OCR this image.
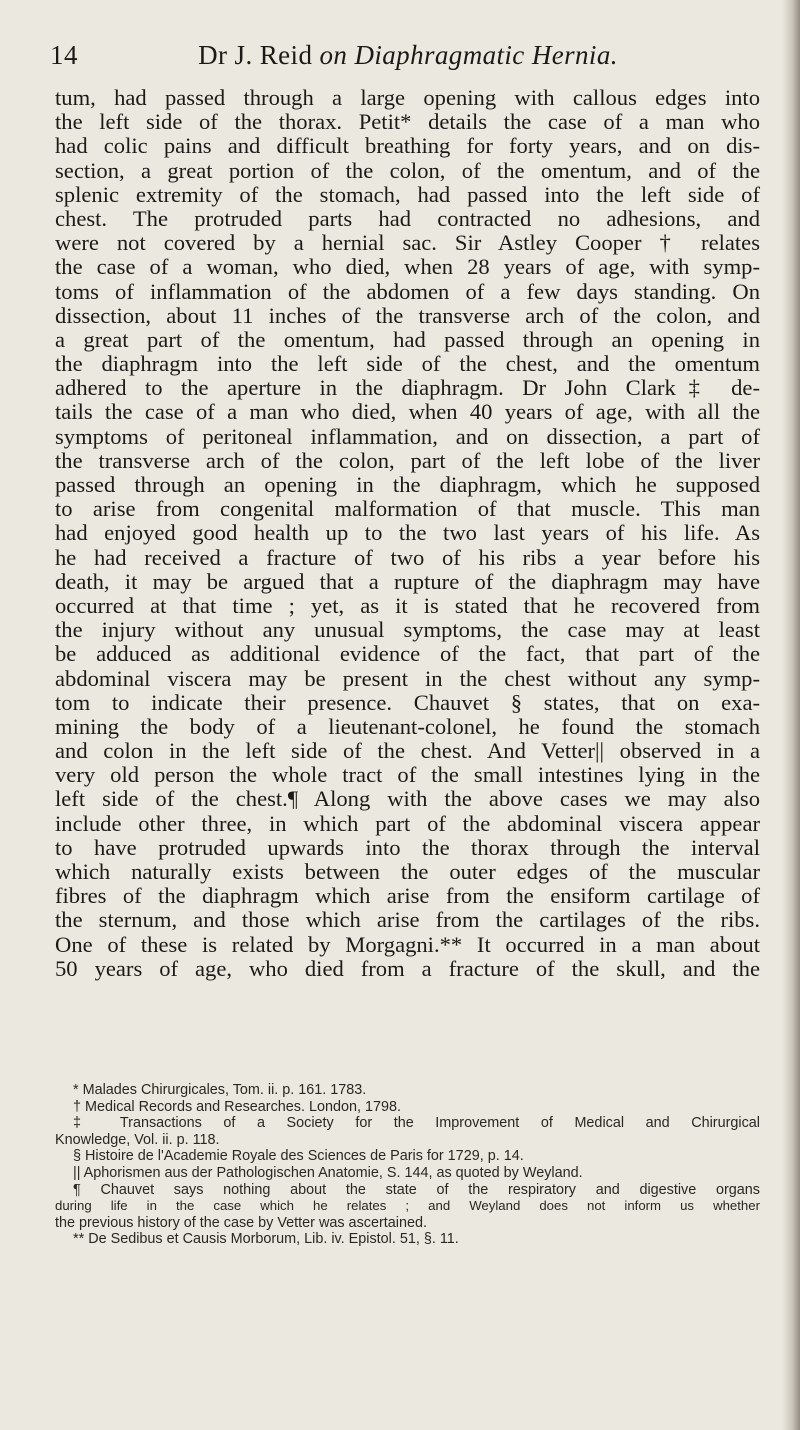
14	Dr J. Reid on Diaphragmatic Hernia.
tum, had passed through a large opening with callous edges into
the left side of the thorax. Petit* details the case of a man who
had colic pains and difficult breathing for forty years, and on dis-
section, a great portion of the colon, of the omentum, and of the
splenic extremity of the stomach, had passed into the left side of
chest. The protruded parts had contracted no adhesions, and
were not covered by a hernial sac. Sir Astley Cooper † relates
the case of a woman, who died, when 28 years of age, with symp-
toms of inflammation of the abdomen of a few days standing. On
dissection, about 11 inches of the transverse arch of the colon, and
a great part of the omentum, had passed through an opening in
the diaphragm into the left side of the chest, and the omentum
adhered to the aperture in the diaphragm. Dr John Clark‡ de-
tails the case of a man who died, when 40 years of age, with all the
symptoms of peritoneal inflammation, and on dissection, a part of
the transverse arch of the colon, part of the left lobe of the liver
passed through an opening in the diaphragm, which he supposed
to arise from congenital malformation of that muscle. This man
had enjoyed good health up to the two last years of his life. As
he had received a fracture of two of his ribs a year before his
death, it may be argued that a rupture of the diaphragm may have
occurred at that time ; yet, as it is stated that he recovered from
the injury without any unusual symptoms, the case may at least
be adduced as additional evidence of the fact, that part of the
abdominal viscera may be present in the chest without any symp-
tom to indicate their presence. Chauvet § states, that on exa-
mining the body of a lieutenant-colonel, he found the stomach
and colon in the left side of the chest. And Vetter|| observed in a
very old person the whole tract of the small intestines lying in the
left side of the chest.¶ Along with the above cases we may also
include other three, in which part of the abdominal viscera appear
to have protruded upwards into the thorax through the interval
which naturally exists between the outer edges of the muscular
fibres of the diaphragm which arise from the ensiform cartilage of
the sternum, and those which arise from the cartilages of the ribs.
One of these is related by Morgagni.** It occurred in a man about
50 years of age, who died from a fracture of the skull, and the
* Malades Chirurgicales, Tom. ii. p. 161. 1783.
† Medical Records and Researches. London, 1798.
‡ Transactions of a Society for the Improvement of Medical and Chirurgical
Knowledge, Vol. ii. p. 118.
§ Histoire de l'Academie Royale des Sciences de Paris for 1729, p. 14.
|| Aphorismen aus der Pathologischen Anatomie, S. 144, as quoted by Weyland.
¶ Chauvet says nothing about the state of the respiratory and digestive organs
during life in the case which he relates ; and Weyland does not inform us whether
the previous history of the case by Vetter was ascertained.
** De Sedibus et Causis Morborum, Lib. iv. Epistol. 51, §. 11.
